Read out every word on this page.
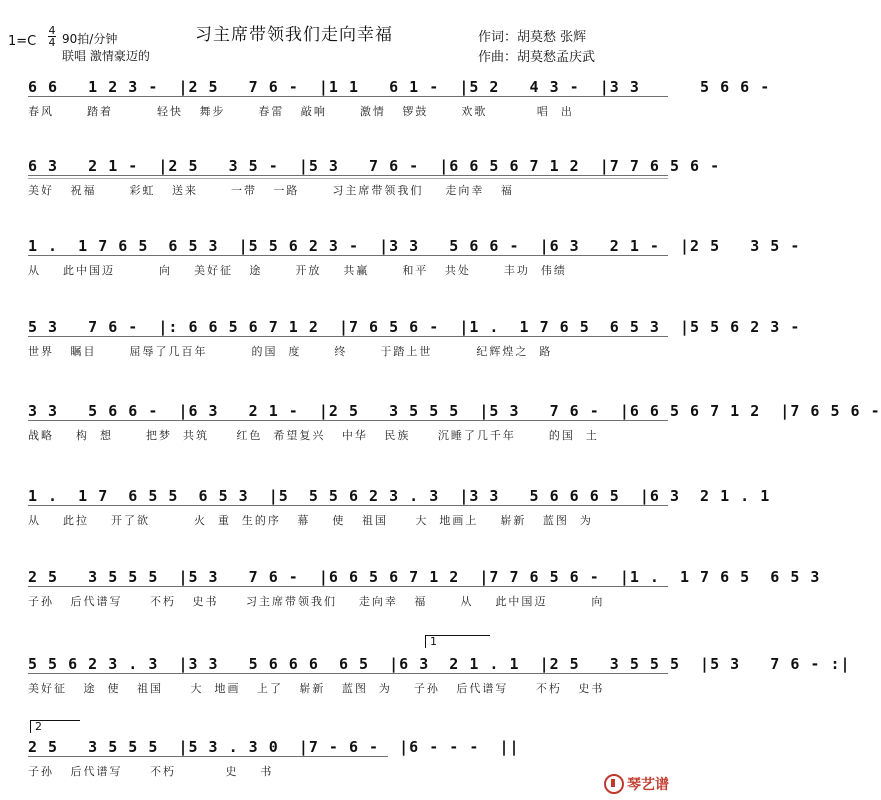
1=C
4
4 90拍/分钟
联唱 激情豪迈的
习主席带领我们走向幸福	作词：胡莫愁 张辉
作曲：胡莫愁孟庆武
6 6   1 2 3 -  |2 5   7 6 -  |1 1   6 1 -  |5 2   4 3 -  |3 3      5 6 6 -
春风      踏着        轻快   舞步      春雷   敲响      激情   锣鼓      欢歌         唱  出
6 3   2 1 -  |2 5   3 5 -  |5 3   7 6 -  |6 6 5 6 7 1 2  |7 7 6 5 6 -
美好   祝福      彩虹   送来      一带   一路      习主席带领我们    走向幸   福
1 .  1 7 6 5  6 5 3  |5 5 6 2 3 -  |3 3   5 6 6 -  |6 3   2 1 -  |2 5   3 5 -
从    此中国迈        向    美好征   途      开放    共赢      和平   共处      丰功  伟绩
5 3   7 6 -  |: 6 6 5 6 7 1 2  |7 6 5 6 -  |1 .  1 7 6 5  6 5 3  |5 5 6 2 3 -
世界   瞩目      屈辱了几百年        的国  度      终      于踏上世        纪辉煌之  路
3 3   5 6 6 -  |6 3   2 1 -  |2 5   3 5 5 5  |5 3   7 6 -  |6 6 5 6 7 1 2  |7 6 5 6 -
战略    构  想      把梦  共筑     红色  希望复兴   中华   民族     沉睡了几千年      的国  土
1 .  1 7  6 5 5  6 5 3  |5  5 5 6 2 3 . 3  |3 3   5 6 6 6 5  |6 3  2 1 . 1
从    此拉    开了欲        火  重  生的序   幕    使   祖国     大  地画上    崭新   蓝图  为
2 5   3 5 5 5  |5 3   7 6 -  |6 6 5 6 7 1 2  |7 7 6 5 6 -  |1 .  1 7 6 5  6 5 3
子孙   后代谱写     不朽   史书     习主席带领我们    走向幸   福      从    此中国迈        向
1
5 5 6 2 3 . 3  |3 3   5 6 6 6  6 5  |6 3  2 1 . 1  |2 5   3 5 5 5  |5 3   7 6 - :|
美好征   途  使   祖国     大  地画   上了   崭新   蓝图  为    子孙   后代谱写     不朽   史书
2
2 5   3 5 5 5  |5 3 . 3 0  |7 - 6 -  |6 - - -  ||
子孙   后代谱写     不朽         史    书
琴艺谱
